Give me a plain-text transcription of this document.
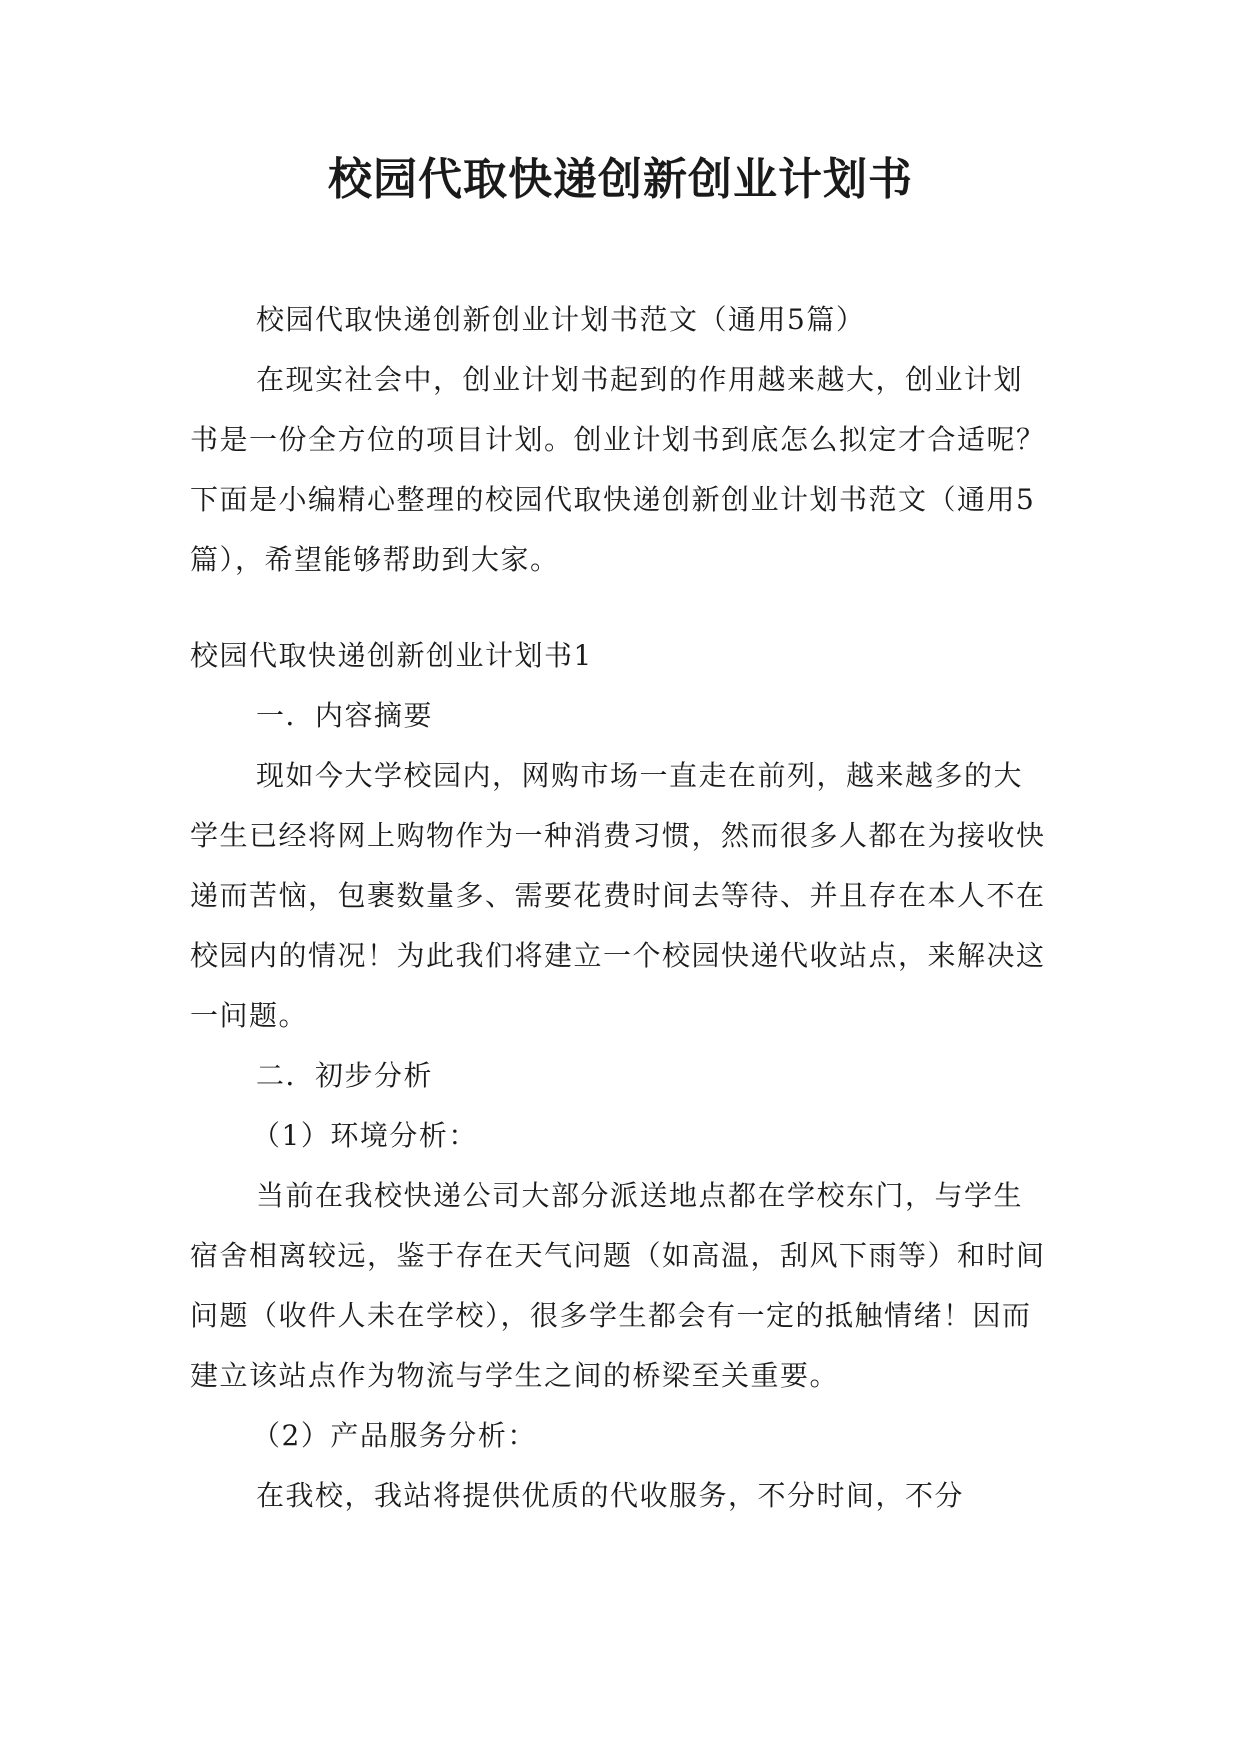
校园代取快递创新创业计划书

校园代取快递创新创业计划书范文（通用5篇）

在现实社会中，创业计划书起到的作用越来越大，创业计划书是一份全方位的项目计划。创业计划书到底怎么拟定才合适呢？下面是小编精心整理的校园代取快递创新创业计划书范文（通用5篇），希望能够帮助到大家。

校园代取快递创新创业计划书1

一．内容摘要

现如今大学校园内，网购市场一直走在前列，越来越多的大学生已经将网上购物作为一种消费习惯，然而很多人都在为接收快递而苦恼，包裹数量多、需要花费时间去等待、并且存在本人不在校园内的情况！为此我们将建立一个校园快递代收站点，来解决这一问题。

二．初步分析

（1）环境分析：

当前在我校快递公司大部分派送地点都在学校东门，与学生宿舍相离较远，鉴于存在天气问题（如高温，刮风下雨等）和时间问题（收件人未在学校），很多学生都会有一定的抵触情绪！因而建立该站点作为物流与学生之间的桥梁至关重要。

（2）产品服务分析：

在我校，我站将提供优质的代收服务，不分时间，不分
